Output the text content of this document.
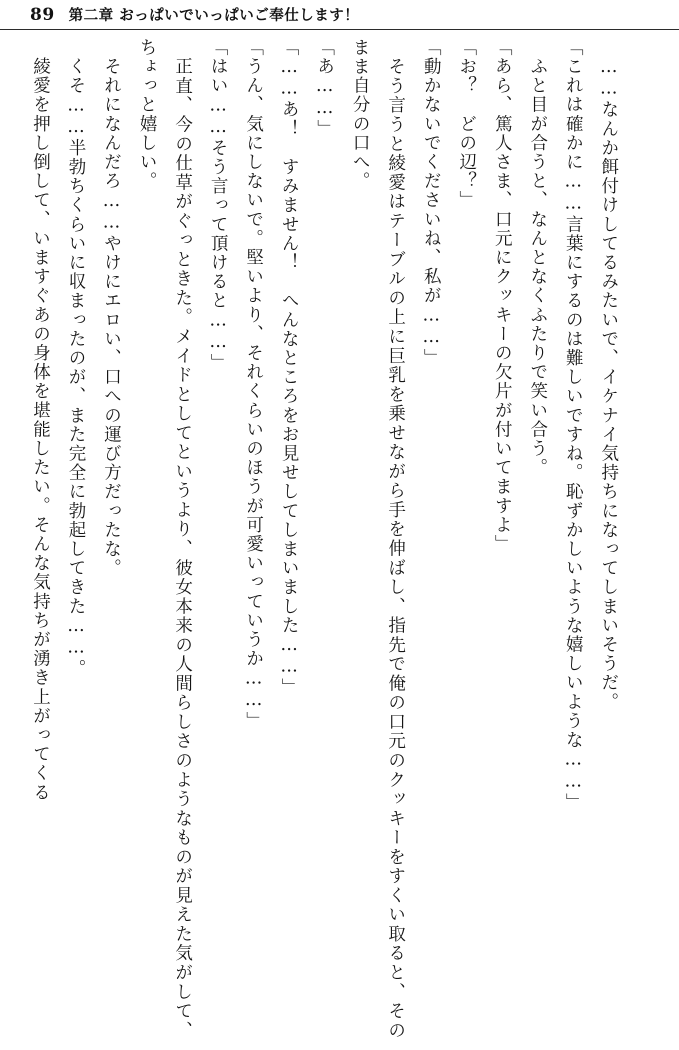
89 第二章 おっぱいでいっぱいご奉仕します！

　……なんか餌付けしてるみたいで、イケナイ気持ちになってしまいそうだ。

「これは確かに……言葉にするのは難しいですね。恥ずかしいような嬉しいような……」

　ふと目が合うと、なんとなくふたりで笑い合う。

「あら、篤人さま、口元にクッキーの欠片が付いてますよ」

「お？　どの辺？」

「動かないでくださいね、私が……」

　そう言うと綾愛はテーブルの上に巨乳を乗せながら手を伸ばし、指先で俺の口元のクッキーをすくい取ると、そのまま自分の口へ。

「あ……」

「……あ！　すみません！　へんなところをお見せしてしまいました……」

「うん、気にしないで。堅いより、それくらいのほうが可愛いっていうか……」

「はい……そう言って頂けると……」

　正直、今の仕草がぐっときた。メイドとしてというより、彼女本来の人間らしさのようなものが見えた気がして、ちょっと嬉しい。

　それになんだろ……やけにエロい、口への運び方だったな。

　くそ……半勃ちくらいに収まったのが、また完全に勃起してきた……。

　綾愛を押し倒して、いますぐあの身体を堪能したい。そんな気持ちが湧き上がってくる
